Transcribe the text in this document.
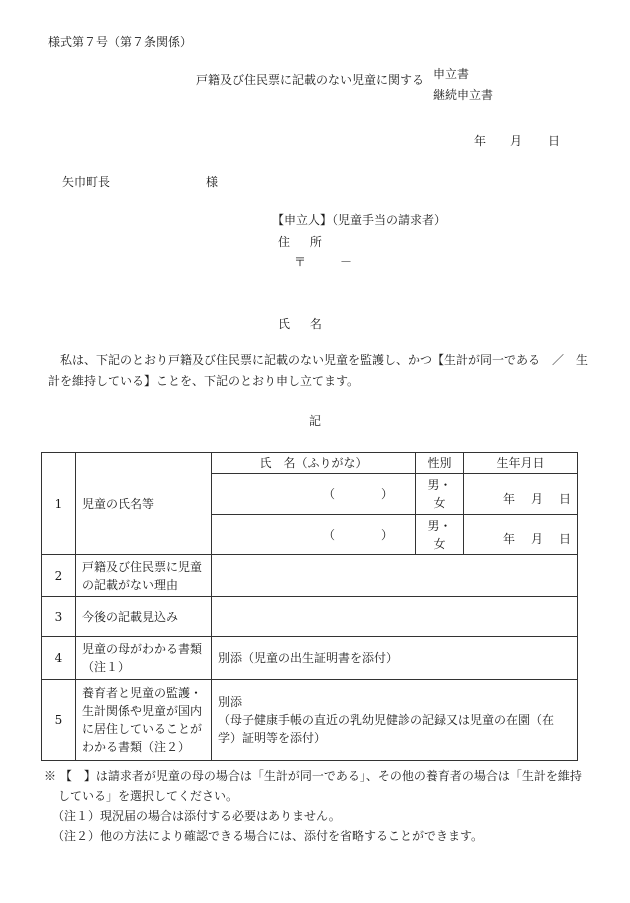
様式第７号（第７条関係）
戸籍及び住民票に記載のない児童に関する 申立書
継続申立書
年 月 日
矢巾町長	様
【申立人】（児童手当の請求者）
住 所
〒	－
氏 名
私は、下記のとおり戸籍及び住民票に記載のない児童を監護し、かつ【生計が同一である　／　生計を維持している】ことを、下記のとおり申し立てます。
記
1	児童の氏名等	氏　名（ふりがな）	性別	生年月日
		（ ）	男・女	年 月 日
		（ ）	男・女	年 月 日
2	戸籍及び住民票に児童の記載がない理由			
3	今後の記載見込み			
4	児童の母がわかる書類（注１）	別添（児童の出生証明書を添付）		
5	養育者と児童の監護・生計関係や児童が国内に居住していることがわかる書類（注２）	別添
（母子健康手帳の直近の乳幼児健診の記録又は児童の在園（在学）証明等を添付）		

※ 【　】は請求者が児童の母の場合は「生計が同一である」、その他の養育者の場合は「生計を維持している」を選択してください。

（注１）現況届の場合は添付する必要はありません。

（注２）他の方法により確認できる場合には、添付を省略することができます。
